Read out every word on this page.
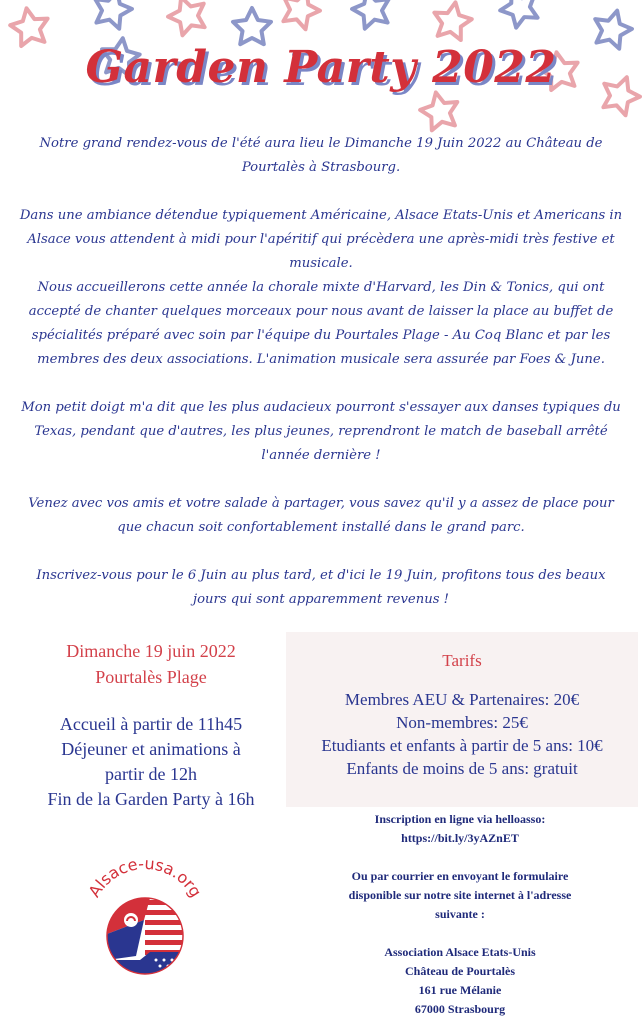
Garden Party 2022

Notre grand rendez-vous de l'été aura lieu le Dimanche 19 Juin 2022 au Château de Pourtalès à Strasbourg.

Dans une ambiance détendue typiquement Américaine, Alsace Etats-Unis et Americans in Alsace vous attendent à midi pour l'apéritif qui précèdera une après-midi très festive et musicale.

Nous accueillerons cette année la chorale mixte d'Harvard, les Din & Tonics, qui ont accepté de chanter quelques morceaux pour nous avant de laisser la place au buffet de spécialités préparé avec soin par l'équipe du Pourtales Plage - Au Coq Blanc et par les membres des deux associations. L'animation musicale sera assurée par Foes & June.

Mon petit doigt m'a dit que les plus audacieux pourront s'essayer aux danses typiques du Texas, pendant que d'autres, les plus jeunes, reprendront le match de baseball arrêté l'année dernière !

Venez avec vos amis et votre salade à partager, vous savez qu'il y a assez de place pour que chacun soit confortablement installé dans le grand parc.

Inscrivez-vous pour le 6 Juin au plus tard, et d'ici le 19 Juin, profitons tous des beaux jours qui sont apparemment revenus !

Dimanche 19 juin 2022
Pourtalès Plage
Accueil à partir de 11h45
Déjeuner et animations à
partir de 12h
Fin de la Garden Party à 16h
Tarifs
Membres AEU & Partenaires: 20€
Non-membres: 25€
Etudiants et enfants à partir de 5 ans: 10€
Enfants de moins de 5 ans: gratuit
Inscription en ligne via helloasso:
https://bit.ly/3yAZnET
Ou par courrier en envoyant le formulaire
disponible sur notre site internet à l'adresse
suivante :
Association Alsace Etats-Unis
Château de Pourtalès
161 rue Mélanie
67000 Strasbourg
Alsace-usa.org
